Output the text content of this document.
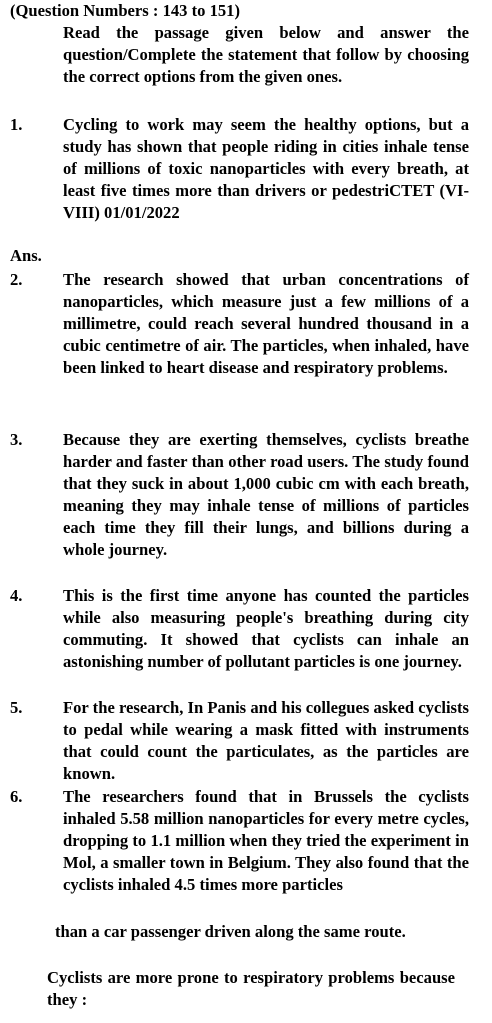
(Question Numbers : 143 to 151)
Read the passage given below and answer the question/Complete the statement that follow by choosing the correct options from the given ones.
1. Cycling to work may seem the healthy options, but a study has shown that people riding in cities inhale tense of millions of toxic nanoparticles with every breath, at least five times more than drivers or pedestriCTET (VI-VIII) 01/01/2022
Ans.
2. The research showed that urban concentrations of nanoparticles, which measure just a few millions of a millimetre, could reach several hundred thousand in a cubic centimetre of air. The particles, when inhaled, have been linked to heart disease and respiratory problems.
3. Because they are exerting themselves, cyclists breathe harder and faster than other road users. The study found that they suck in about 1,000 cubic cm with each breath, meaning they may inhale tense of millions of particles each time they fill their lungs, and billions during a whole journey.
4. This is the first time anyone has counted the particles while also measuring people's breathing during city commuting. It showed that cyclists can inhale an astonishing number of pollutant particles is one journey.
5. For the research, In Panis and his collegues asked cyclists to pedal while wearing a mask fitted with instruments that could count the particulates, as the particles are known.
6. The researchers found that in Brussels the cyclists inhaled 5.58 million nanoparticles for every metre cycles, dropping to 1.1 million when they tried the experiment in Mol, a smaller town in Belgium. They also found that the cyclists inhaled 4.5 times more particles
than a car passenger driven along the same route.
Cyclists are more prone to respiratory problems because they :
